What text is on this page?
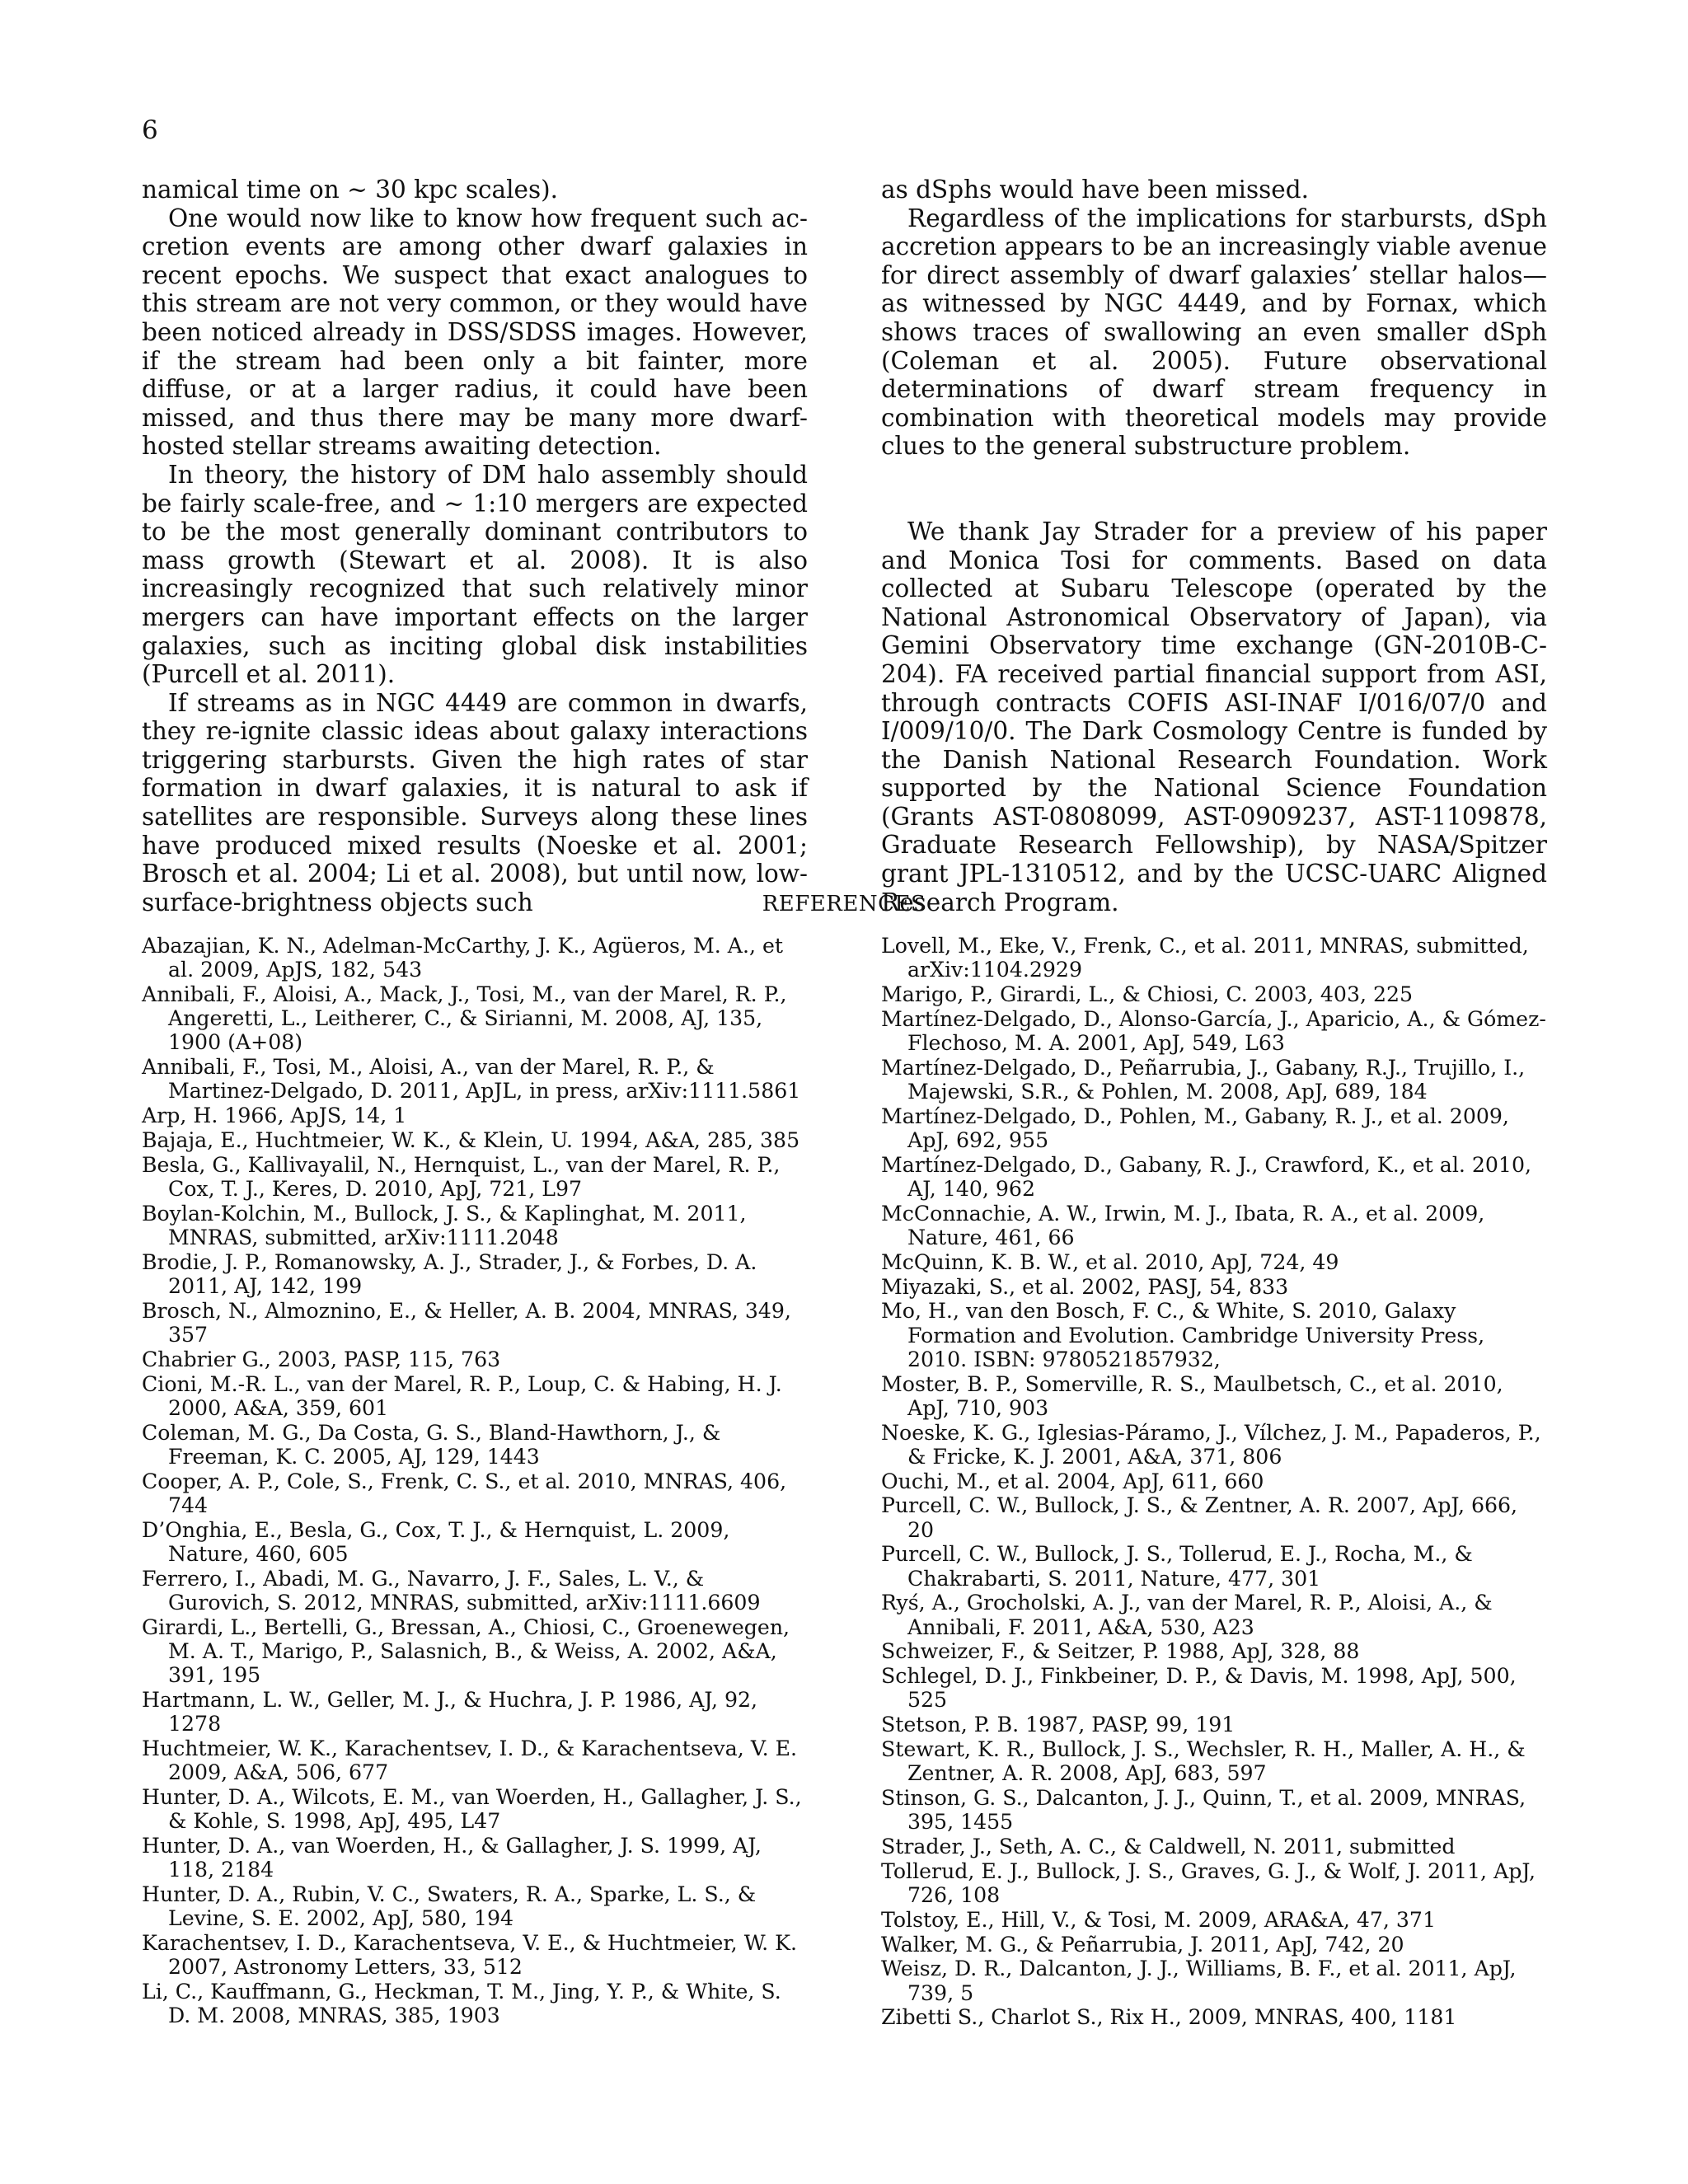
6

namical time on ∼ 30 kpc scales).

One would now like to know how frequent such accretion events are among other dwarf galaxies in recent epochs. We suspect that exact analogues to this stream are not very common, or they would have been noticed already in DSS/SDSS images. However, if the stream had been only a bit fainter, more diffuse, or at a larger radius, it could have been missed, and thus there may be many more dwarf-hosted stellar streams awaiting detection.

In theory, the history of DM halo assembly should be fairly scale-free, and ∼ 1:10 mergers are expected to be the most generally dominant contributors to mass growth (Stewart et al. 2008). It is also increasingly recognized that such relatively minor mergers can have important effects on the larger galaxies, such as inciting global disk instabilities (Purcell et al. 2011).

If streams as in NGC 4449 are common in dwarfs, they re-ignite classic ideas about galaxy interactions triggering starbursts. Given the high rates of star formation in dwarf galaxies, it is natural to ask if satellites are responsible. Surveys along these lines have produced mixed results (Noeske et al. 2001; Brosch et al. 2004; Li et al. 2008), but until now, low-surface-brightness objects such

as dSphs would have been missed.

Regardless of the implications for starbursts, dSph accretion appears to be an increasingly viable avenue for direct assembly of dwarf galaxies’ stellar halos—as witnessed by NGC 4449, and by Fornax, which shows traces of swallowing an even smaller dSph (Coleman et al. 2005). Future observational determinations of dwarf stream frequency in combination with theoretical models may provide clues to the general substructure problem.

We thank Jay Strader for a preview of his paper and Monica Tosi for comments. Based on data collected at Subaru Telescope (operated by the National Astronomical Observatory of Japan), via Gemini Observatory time exchange (GN-2010B-C-204). FA received partial financial support from ASI, through contracts COFIS ASI-INAF I/016/07/0 and I/009/10/0. The Dark Cosmology Centre is funded by the Danish National Research Foundation. Work supported by the National Science Foundation (Grants AST-0808099, AST-0909237, AST-1109878, Graduate Research Fellowship), by NASA/Spitzer grant JPL-1310512, and by the UCSC-UARC Aligned Research Program.

REFERENCES
Abazajian, K. N., Adelman-McCarthy, J. K., Agüeros, M. A., et al. 2009, ApJS, 182, 543
Annibali, F., Aloisi, A., Mack, J., Tosi, M., van der Marel, R. P., Angeretti, L., Leitherer, C., & Sirianni, M. 2008, AJ, 135, 1900 (A+08)
Annibali, F., Tosi, M., Aloisi, A., van der Marel, R. P., & Martinez-Delgado, D. 2011, ApJL, in press, arXiv:1111.5861
Arp, H. 1966, ApJS, 14, 1
Bajaja, E., Huchtmeier, W. K., & Klein, U. 1994, A&A, 285, 385
Besla, G., Kallivayalil, N., Hernquist, L., van der Marel, R. P., Cox, T. J., Keres, D. 2010, ApJ, 721, L97
Boylan-Kolchin, M., Bullock, J. S., & Kaplinghat, M. 2011, MNRAS, submitted, arXiv:1111.2048
Brodie, J. P., Romanowsky, A. J., Strader, J., & Forbes, D. A. 2011, AJ, 142, 199
Brosch, N., Almoznino, E., & Heller, A. B. 2004, MNRAS, 349, 357
Chabrier G., 2003, PASP, 115, 763
Cioni, M.-R. L., van der Marel, R. P., Loup, C. & Habing, H. J. 2000, A&A, 359, 601
Coleman, M. G., Da Costa, G. S., Bland-Hawthorn, J., & Freeman, K. C. 2005, AJ, 129, 1443
Cooper, A. P., Cole, S., Frenk, C. S., et al. 2010, MNRAS, 406, 744
D’Onghia, E., Besla, G., Cox, T. J., & Hernquist, L. 2009, Nature, 460, 605
Ferrero, I., Abadi, M. G., Navarro, J. F., Sales, L. V., & Gurovich, S. 2012, MNRAS, submitted, arXiv:1111.6609
Girardi, L., Bertelli, G., Bressan, A., Chiosi, C., Groenewegen, M. A. T., Marigo, P., Salasnich, B., & Weiss, A. 2002, A&A, 391, 195
Hartmann, L. W., Geller, M. J., & Huchra, J. P. 1986, AJ, 92, 1278
Huchtmeier, W. K., Karachentsev, I. D., & Karachentseva, V. E. 2009, A&A, 506, 677
Hunter, D. A., Wilcots, E. M., van Woerden, H., Gallagher, J. S., & Kohle, S. 1998, ApJ, 495, L47
Hunter, D. A., van Woerden, H., & Gallagher, J. S. 1999, AJ, 118, 2184
Hunter, D. A., Rubin, V. C., Swaters, R. A., Sparke, L. S., & Levine, S. E. 2002, ApJ, 580, 194
Karachentsev, I. D., Karachentseva, V. E., & Huchtmeier, W. K. 2007, Astronomy Letters, 33, 512
Li, C., Kauffmann, G., Heckman, T. M., Jing, Y. P., & White, S. D. M. 2008, MNRAS, 385, 1903
Lovell, M., Eke, V., Frenk, C., et al. 2011, MNRAS, submitted, arXiv:1104.2929
Marigo, P., Girardi, L., & Chiosi, C. 2003, 403, 225
Martínez-Delgado, D., Alonso-García, J., Aparicio, A., & Gómez-Flechoso, M. A. 2001, ApJ, 549, L63
Martínez-Delgado, D., Peñarrubia, J., Gabany, R.J., Trujillo, I., Majewski, S.R., & Pohlen, M. 2008, ApJ, 689, 184
Martínez-Delgado, D., Pohlen, M., Gabany, R. J., et al. 2009, ApJ, 692, 955
Martínez-Delgado, D., Gabany, R. J., Crawford, K., et al. 2010, AJ, 140, 962
McConnachie, A. W., Irwin, M. J., Ibata, R. A., et al. 2009, Nature, 461, 66
McQuinn, K. B. W., et al. 2010, ApJ, 724, 49
Miyazaki, S., et al. 2002, PASJ, 54, 833
Mo, H., van den Bosch, F. C., & White, S. 2010, Galaxy Formation and Evolution. Cambridge University Press, 2010. ISBN: 9780521857932,
Moster, B. P., Somerville, R. S., Maulbetsch, C., et al. 2010, ApJ, 710, 903
Noeske, K. G., Iglesias-Páramo, J., Vílchez, J. M., Papaderos, P., & Fricke, K. J. 2001, A&A, 371, 806
Ouchi, M., et al. 2004, ApJ, 611, 660
Purcell, C. W., Bullock, J. S., & Zentner, A. R. 2007, ApJ, 666, 20
Purcell, C. W., Bullock, J. S., Tollerud, E. J., Rocha, M., & Chakrabarti, S. 2011, Nature, 477, 301
Ryś, A., Grocholski, A. J., van der Marel, R. P., Aloisi, A., & Annibali, F. 2011, A&A, 530, A23
Schweizer, F., & Seitzer, P. 1988, ApJ, 328, 88
Schlegel, D. J., Finkbeiner, D. P., & Davis, M. 1998, ApJ, 500, 525
Stetson, P. B. 1987, PASP, 99, 191
Stewart, K. R., Bullock, J. S., Wechsler, R. H., Maller, A. H., & Zentner, A. R. 2008, ApJ, 683, 597
Stinson, G. S., Dalcanton, J. J., Quinn, T., et al. 2009, MNRAS, 395, 1455
Strader, J., Seth, A. C., & Caldwell, N. 2011, submitted
Tollerud, E. J., Bullock, J. S., Graves, G. J., & Wolf, J. 2011, ApJ, 726, 108
Tolstoy, E., Hill, V., & Tosi, M. 2009, ARA&A, 47, 371
Walker, M. G., & Peñarrubia, J. 2011, ApJ, 742, 20
Weisz, D. R., Dalcanton, J. J., Williams, B. F., et al. 2011, ApJ, 739, 5
Zibetti S., Charlot S., Rix H., 2009, MNRAS, 400, 1181
